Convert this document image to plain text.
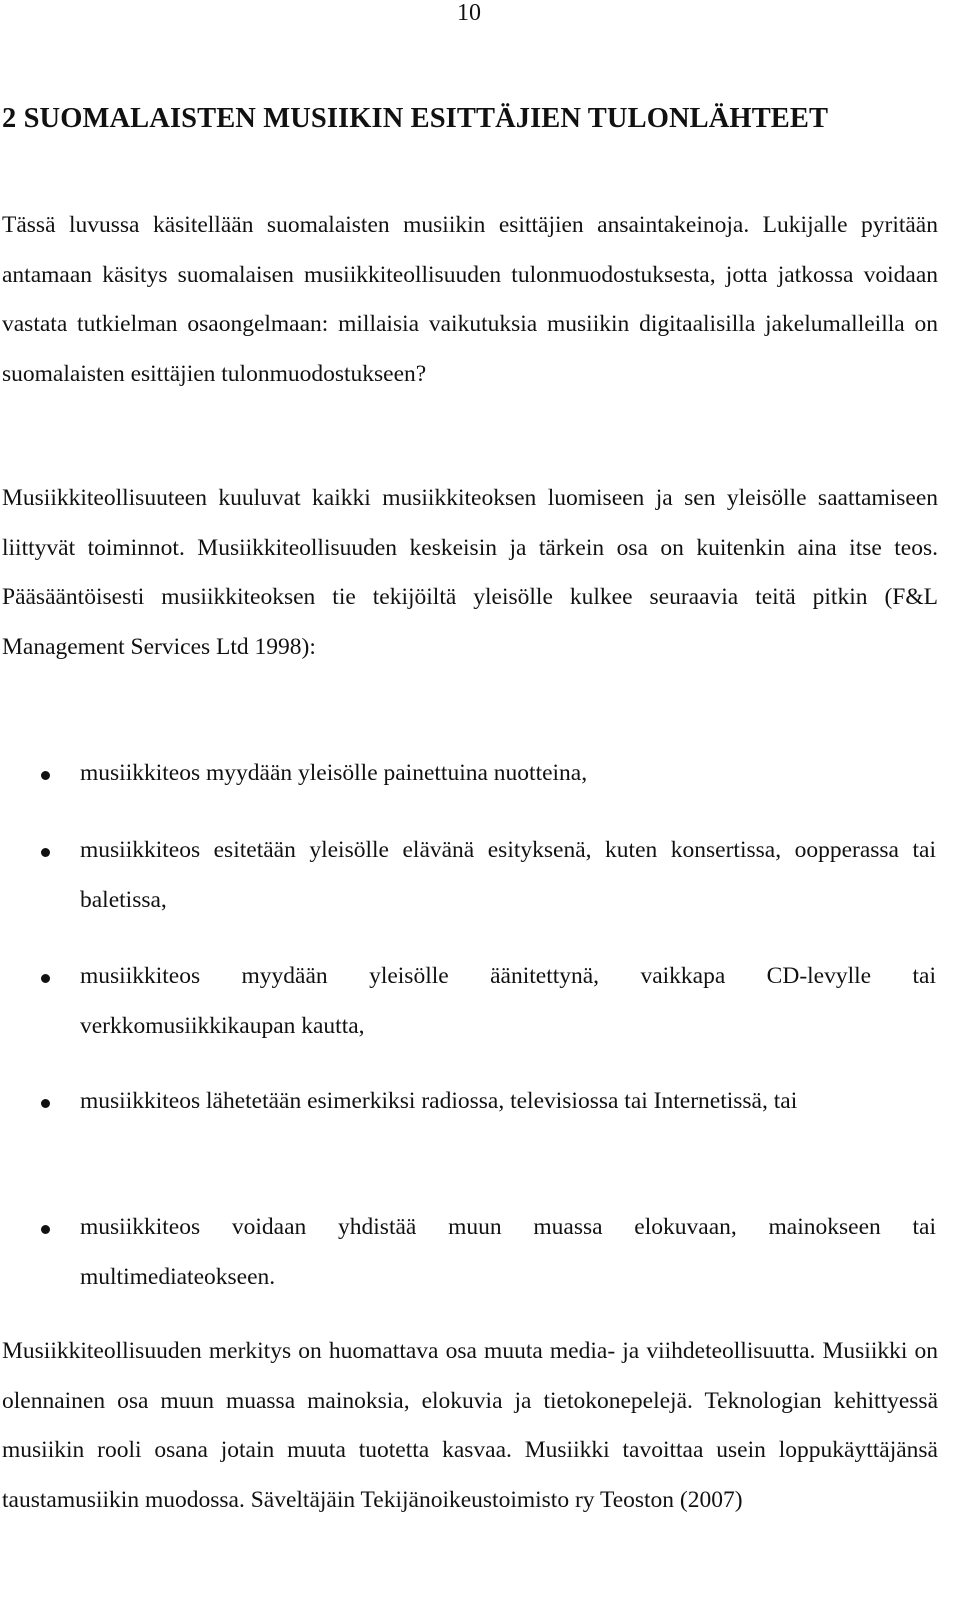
10
2 SUOMALAISTEN MUSIIKIN ESITTÄJIEN TULONLÄHTEET

Tässä luvussa käsitellään suomalaisten musiikin esittäjien ansaintakeinoja. Lukijalle pyritään antamaan käsitys suomalaisen musiikkiteollisuuden tulonmuodostuksesta, jotta jatkossa voidaan vastata tutkielman osaongelmaan: millaisia vaikutuksia musiikin digitaalisilla jakelumalleilla on suomalaisten esittäjien tulonmuodostukseen?

Musiikkiteollisuuteen kuuluvat kaikki musiikkiteoksen luomiseen ja sen yleisölle saattamiseen liittyvät toiminnot. Musiikkiteollisuuden keskeisin ja tärkein osa on kuitenkin aina itse teos. Pääsääntöisesti musiikkiteoksen tie tekijöiltä yleisölle kulkee seuraavia teitä pitkin (F&L Management Services Ltd 1998):

musiikkiteos myydään yleisölle painettuina nuotteina,

musiikkiteos esitetään yleisölle elävänä esityksenä, kuten konsertissa, oopperassa tai baletissa,

musiikkiteos myydään yleisölle äänitettynä, vaikkapa CD-levylle tai verkkomusiikkikaupan kautta,

musiikkiteos lähetetään esimerkiksi radiossa, televisiossa tai Internetissä, tai

musiikkiteos voidaan yhdistää muun muassa elokuvaan, mainokseen tai multimediateokseen.

Musiikkiteollisuuden merkitys on huomattava osa muuta media- ja viihdeteollisuutta. Musiikki on olennainen osa muun muassa mainoksia, elokuvia ja tietokonepelejä. Teknologian kehittyessä musiikin rooli osana jotain muuta tuotetta kasvaa. Musiikki tavoittaa usein loppukäyttäjänsä taustamusiikin muodossa. Säveltäjäin Tekijänoikeustoimisto ry Teoston (2007)
